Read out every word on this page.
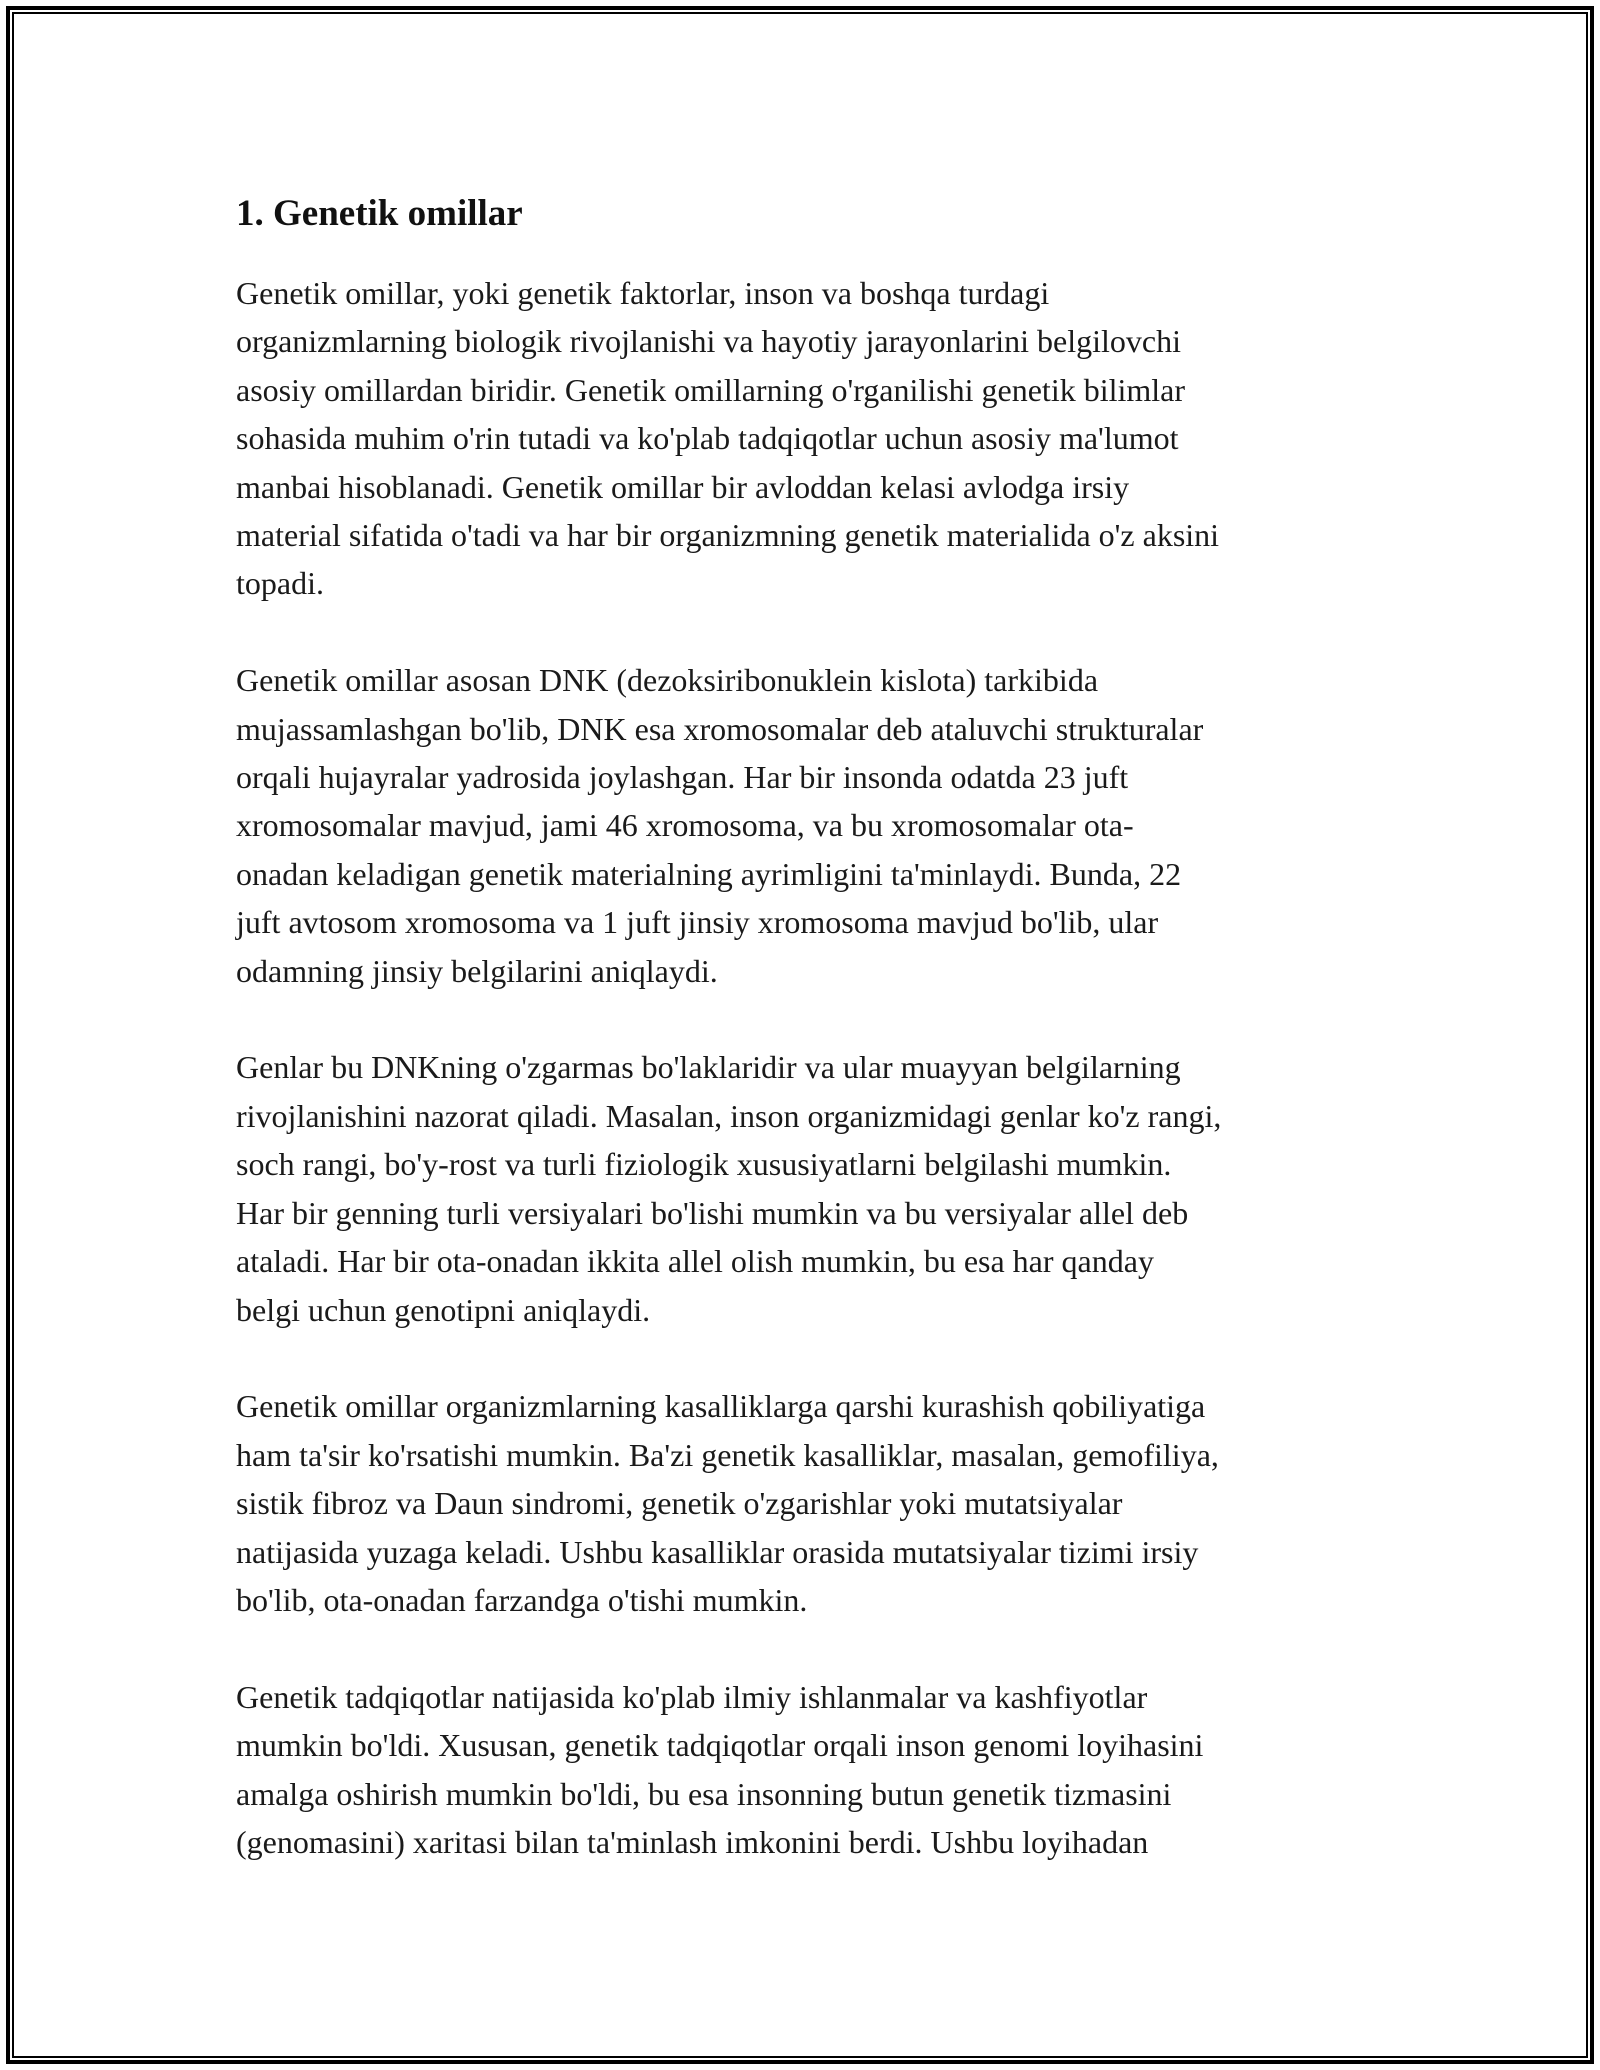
1. Genetik omillar

Genetik omillar, yoki genetik faktorlar, inson va boshqa turdagi
organizmlarning biologik rivojlanishi va hayotiy jarayonlarini belgilovchi
asosiy omillardan biridir. Genetik omillarning o'rganilishi genetik bilimlar
sohasida muhim o'rin tutadi va ko'plab tadqiqotlar uchun asosiy ma'lumot
manbai hisoblanadi. Genetik omillar bir avloddan kelasi avlodga irsiy
material sifatida o'tadi va har bir organizmning genetik materialida o'z aksini
topadi.

Genetik omillar asosan DNK (dezoksiribonuklein kislota) tarkibida
mujassamlashgan bo'lib, DNK esa xromosomalar deb ataluvchi strukturalar
orqali hujayralar yadrosida joylashgan. Har bir insonda odatda 23 juft
xromosomalar mavjud, jami 46 xromosoma, va bu xromosomalar ota-
onadan keladigan genetik materialning ayrimligini ta'minlaydi. Bunda, 22
juft avtosom xromosoma va 1 juft jinsiy xromosoma mavjud bo'lib, ular
odamning jinsiy belgilarini aniqlaydi.

Genlar bu DNKning o'zgarmas bo'laklaridir va ular muayyan belgilarning
rivojlanishini nazorat qiladi. Masalan, inson organizmidagi genlar ko'z rangi,
soch rangi, bo'y-rost va turli fiziologik xususiyatlarni belgilashi mumkin.
Har bir genning turli versiyalari bo'lishi mumkin va bu versiyalar allel deb
ataladi. Har bir ota-onadan ikkita allel olish mumkin, bu esa har qanday
belgi uchun genotipni aniqlaydi.

Genetik omillar organizmlarning kasalliklarga qarshi kurashish qobiliyatiga
ham ta'sir ko'rsatishi mumkin. Ba'zi genetik kasalliklar, masalan, gemofiliya,
sistik fibroz va Daun sindromi, genetik o'zgarishlar yoki mutatsiyalar
natijasida yuzaga keladi. Ushbu kasalliklar orasida mutatsiyalar tizimi irsiy
bo'lib, ota-onadan farzandga o'tishi mumkin.

Genetik tadqiqotlar natijasida ko'plab ilmiy ishlanmalar va kashfiyotlar
mumkin bo'ldi. Xususan, genetik tadqiqotlar orqali inson genomi loyihasini
amalga oshirish mumkin bo'ldi, bu esa insonning butun genetik tizmasini
(genomasini) xaritasi bilan ta'minlash imkonini berdi. Ushbu loyihadan
